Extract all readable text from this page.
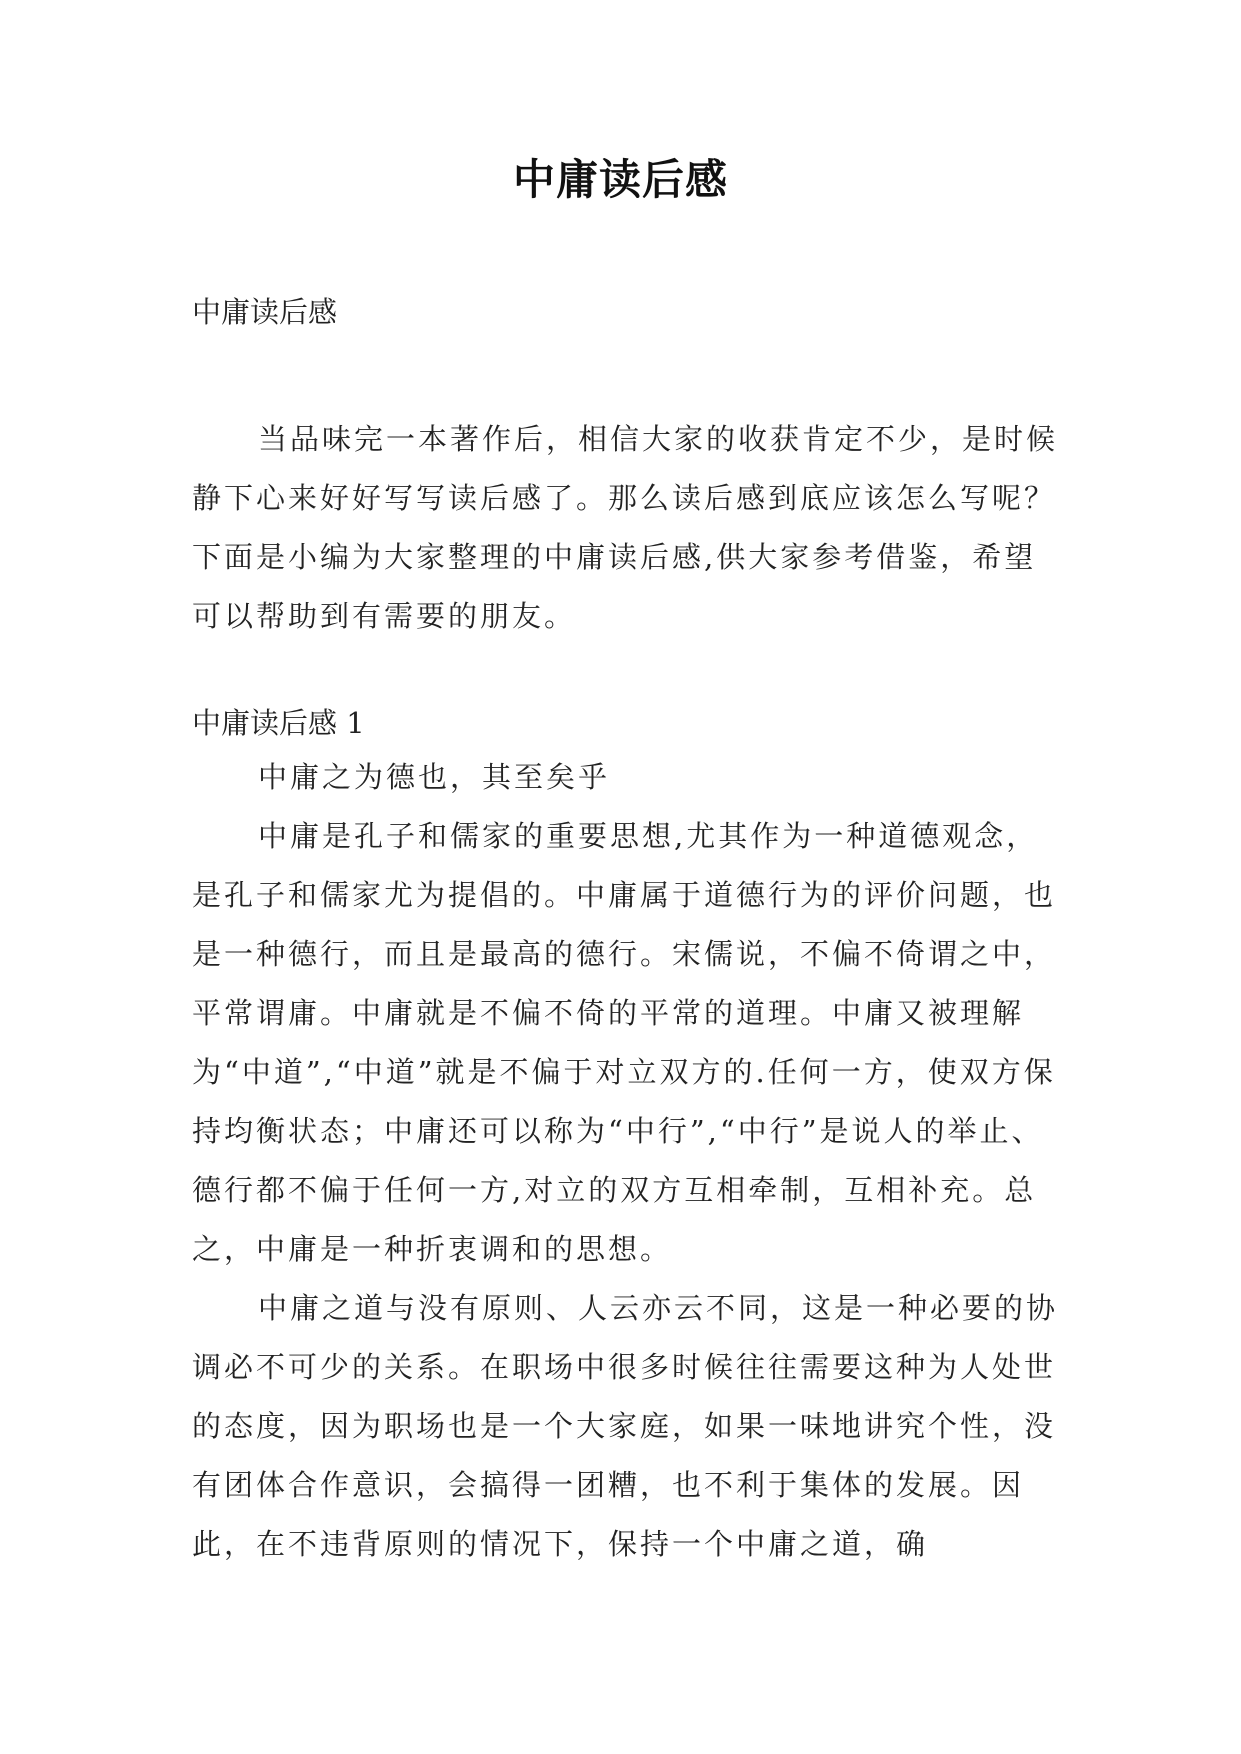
中庸读后感
中庸读后感

当品味完一本著作后，相信大家的收获肯定不少，是时候静下心来好好写写读后感了。那么读后感到底应该怎么写呢？下面是小编为大家整理的中庸读后感,供大家参考借鉴，希望可以帮助到有需要的朋友。

中庸读后感 1

中庸之为德也，其至矣乎

中庸是孔子和儒家的重要思想,尤其作为一种道德观念，是孔子和儒家尤为提倡的。中庸属于道德行为的评价问题，也是一种德行，而且是最高的德行。宋儒说，不偏不倚谓之中，平常谓庸。中庸就是不偏不倚的平常的道理。中庸又被理解为“中道”,“中道”就是不偏于对立双方的.任何一方，使双方保持均衡状态；中庸还可以称为“中行”,“中行”是说人的举止、德行都不偏于任何一方,对立的双方互相牵制，互相补充。总之，中庸是一种折衷调和的思想。

中庸之道与没有原则、人云亦云不同，这是一种必要的协调必不可少的关系。在职场中很多时候往往需要这种为人处世的态度，因为职场也是一个大家庭，如果一味地讲究个性，没有团体合作意识，会搞得一团糟，也不利于集体的发展。因此，在不违背原则的情况下，保持一个中庸之道，确
